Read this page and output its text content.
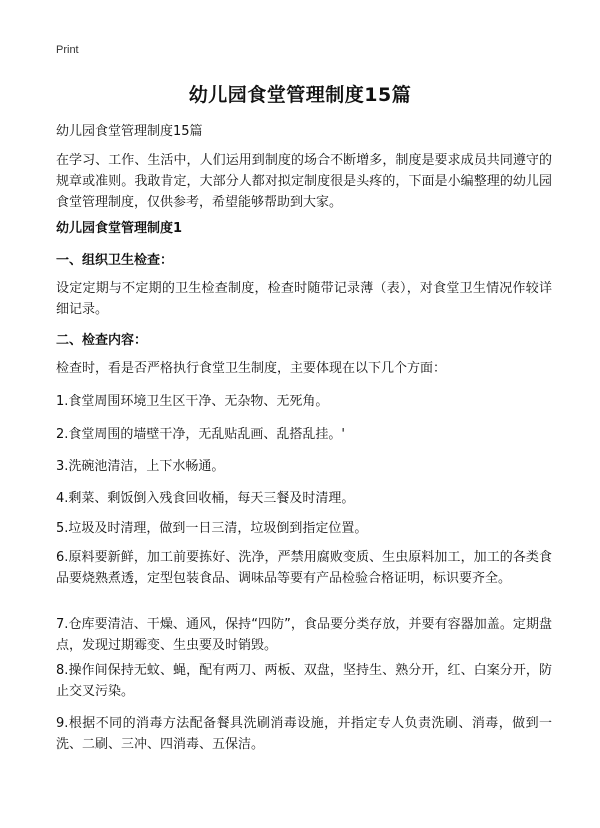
Print
幼儿园食堂管理制度15篇
幼儿园食堂管理制度15篇
在学习、工作、生活中，人们运用到制度的场合不断增多，制度是要求成员共同遵守的规章或准则。我敢肯定，大部分人都对拟定制度很是头疼的，下面是小编整理的幼儿园食堂管理制度，仅供参考，希望能够帮助到大家。
幼儿园食堂管理制度1
一、组织卫生检查：
设定定期与不定期的卫生检查制度，检查时随带记录薄（表），对食堂卫生情况作较详细记录。
二、检查内容：
检查时，看是否严格执行食堂卫生制度，主要体现在以下几个方面：
1.食堂周围环境卫生区干净、无杂物、无死角。
2.食堂周围的墙壁干净，无乱贴乱画、乱搭乱挂。'
3.洗碗池清洁，上下水畅通。
4.剩菜、剩饭倒入残食回收桶，每天三餐及时清理。
5.垃圾及时清理，做到一日三清，垃圾倒到指定位置。
6.原料要新鲜，加工前要拣好、洗净，严禁用腐败变质、生虫原料加工，加工的各类食品要烧熟煮透，定型包装食品、调味品等要有产品检验合格证明，标识要齐全。
7.仓库要清洁、干燥、通风，保持“四防”，食品要分类存放，并要有容器加盖。定期盘点，发现过期霉变、生虫要及时销毁。
8.操作间保持无蚊、蝇，配有两刀、两板、双盘，坚持生、熟分开，红、白案分开，防止交叉污染。
9.根据不同的消毒方法配备餐具洗刷消毒设施，并指定专人负责洗刷、消毒，做到一洗、二刷、三冲、四消毒、五保洁。
